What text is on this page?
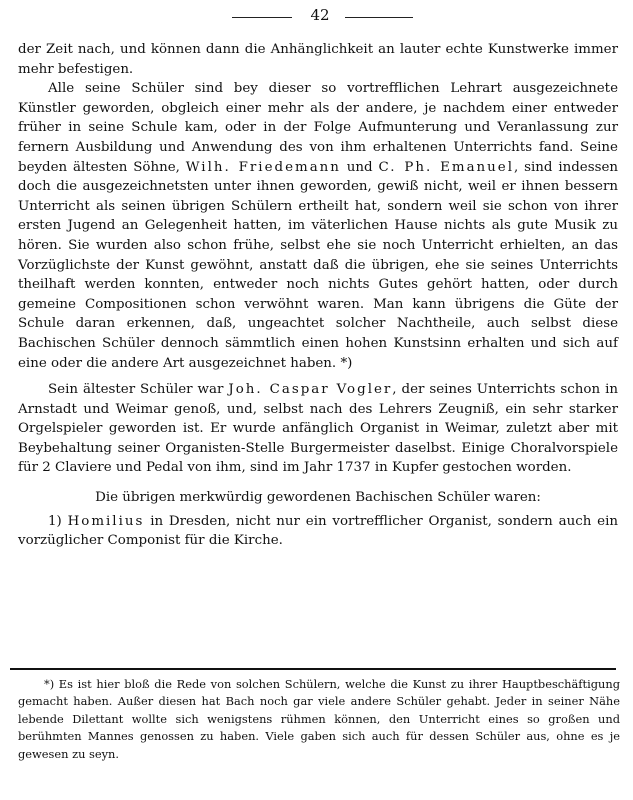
42

der Zeit nach, und können dann die Anhänglichkeit an lauter echte Kunstwerke immer mehr befestigen.

Alle seine Schüler sind bey dieser so vortrefflichen Lehrart ausgezeichnete Künstler geworden, obgleich einer mehr als der andere, je nachdem einer entweder früher in seine Schule kam, oder in der Folge Aufmunterung und Veranlassung zur fernern Ausbildung und Anwendung des von ihm erhaltenen Unterrichts fand. Seine beyden ältesten Söhne, Wilh. Friedemann und C. Ph. Emanuel, sind indessen doch die ausgezeichnetsten unter ihnen geworden, gewiß nicht, weil er ihnen bessern Unterricht als seinen übrigen Schülern ertheilt hat, sondern weil sie schon von ihrer ersten Jugend an Gelegenheit hatten, im väterlichen Hause nichts als gute Musik zu hören. Sie wurden also schon frühe, selbst ehe sie noch Unterricht erhielten, an das Vorzüglichste der Kunst gewöhnt, anstatt daß die übrigen, ehe sie seines Unterrichts theilhaft werden konnten, entweder noch nichts Gutes gehört hatten, oder durch gemeine Compositionen schon verwöhnt waren. Man kann übrigens die Güte der Schule daran erkennen, daß, ungeachtet solcher Nachtheile, auch selbst diese Bachischen Schüler dennoch sämmtlich einen hohen Kunstsinn erhalten und sich auf eine oder die andere Art ausgezeichnet haben. *)

Sein ältester Schüler war Joh. Caspar Vogler, der seines Unterrichts schon in Arnstadt und Weimar genoß, und, selbst nach des Lehrers Zeugniß, ein sehr starker Orgelspieler geworden ist. Er wurde anfänglich Organist in Weimar, zuletzt aber mit Beybehaltung seiner Organisten-Stelle Burgermeister daselbst. Einige Choralvorspiele für 2 Claviere und Pedal von ihm, sind im Jahr 1737 in Kupfer gestochen worden.

Die übrigen merkwürdig gewordenen Bachischen Schüler waren:

1) Homilius in Dresden, nicht nur ein vortrefflicher Organist, sondern auch ein vorzüglicher Componist für die Kirche.

*) Es ist hier bloß die Rede von solchen Schülern, welche die Kunst zu ihrer Hauptbeschäftigung gemacht haben. Außer diesen hat Bach noch gar viele andere Schüler gehabt. Jeder in seiner Nähe lebende Dilettant wollte sich wenigstens rühmen können, den Unterricht eines so großen und berühmten Mannes genossen zu haben. Viele gaben sich auch für dessen Schüler aus, ohne es je gewesen zu seyn.
